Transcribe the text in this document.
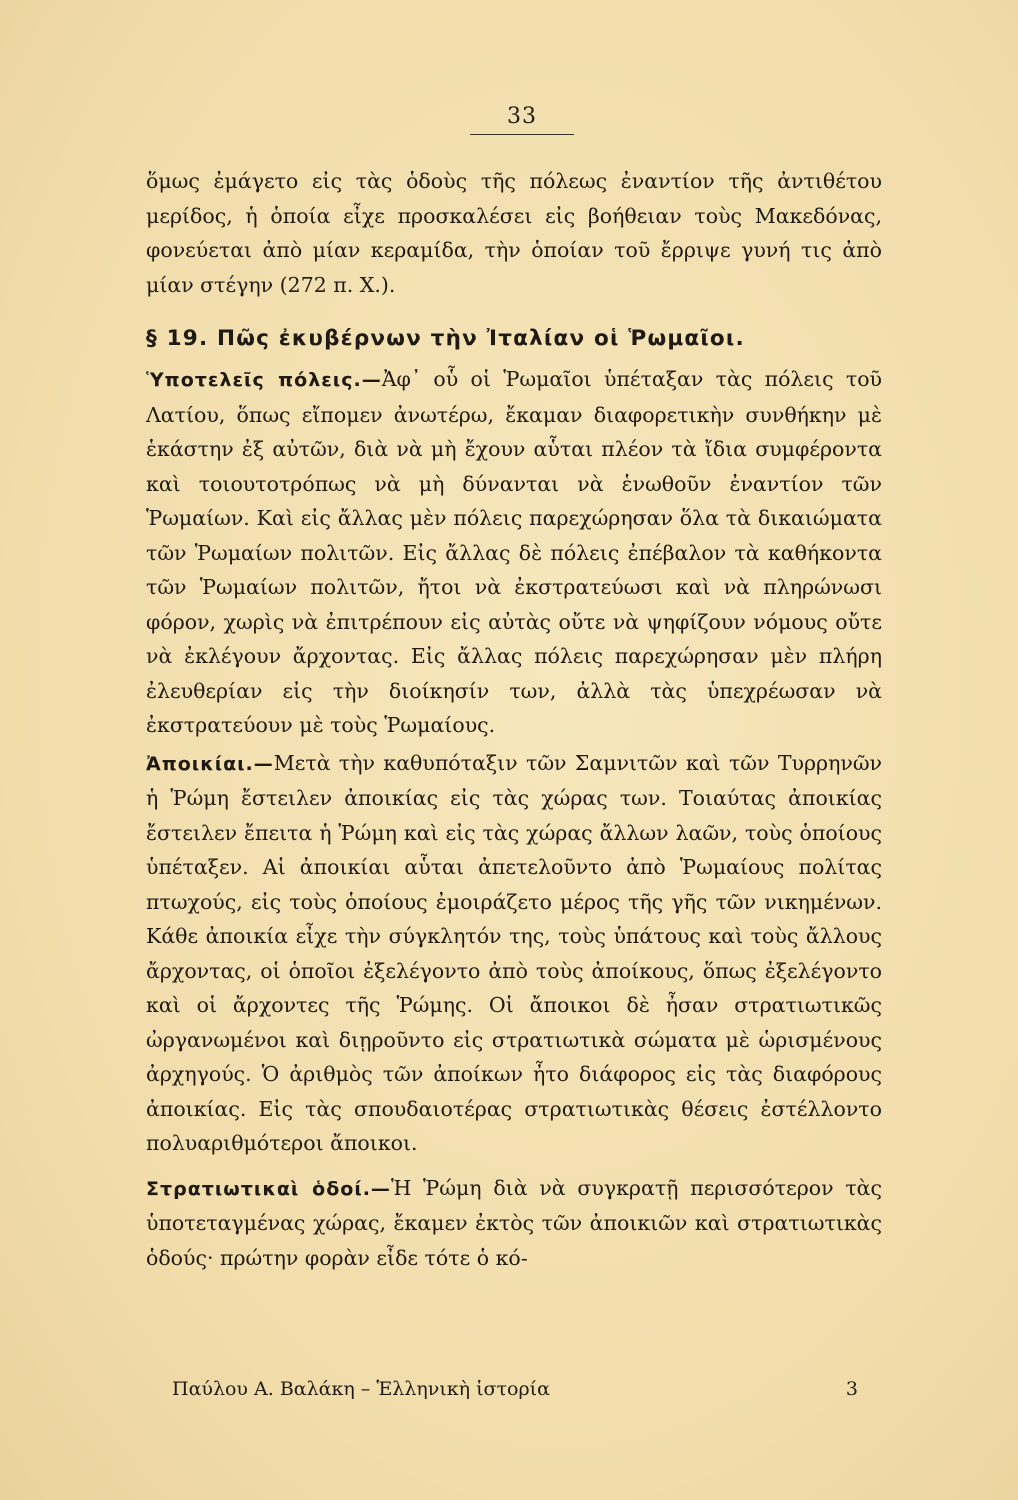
33

ὅμως ἐμάγετο εἰς τὰς ὁδοὺς τῆς πόλεως ἐναντίον τῆς ἀντιθέτου μερίδος, ἡ ὁποία εἶχε προσκαλέσει εἰς βοήθειαν τοὺς Μακεδόνας, φονεύεται ἀπὸ μίαν κεραμίδα, τὴν ὁποίαν τοῦ ἔρριψε γυνή τις ἀπὸ μίαν στέγην (272 π. Χ.).

§ 19. Πῶς ἐκυβέρνων τὴν Ἰταλίαν οἱ Ῥωμαῖοι.

Ὑποτελεῖς πόλεις.—Ἀφ᾽ οὗ οἱ Ῥωμαῖοι ὑπέταξαν τὰς πόλεις τοῦ Λατίου, ὅπως εἴπομεν ἀνωτέρω, ἔκαμαν διαφορετικὴν συνθήκην μὲ ἑκάστην ἐξ αὐτῶν, διὰ νὰ μὴ ἔχουν αὗται πλέον τὰ ἴδια συμφέροντα καὶ τοιουτοτρόπως νὰ μὴ δύνανται νὰ ἑνωθοῦν ἐναντίον τῶν Ῥωμαίων. Καὶ εἰς ἄλλας μὲν πόλεις παρεχώρησαν ὅλα τὰ δικαιώματα τῶν Ῥωμαίων πολιτῶν. Εἰς ἄλλας δὲ πόλεις ἐπέβαλον τὰ καθήκοντα τῶν Ῥωμαίων πολιτῶν, ἤτοι νὰ ἐκστρατεύωσι καὶ νὰ πληρώνωσι φόρον, χωρὶς νὰ ἐπιτρέπουν εἰς αὐτὰς οὔτε νὰ ψηφίζουν νόμους οὔτε νὰ ἐκλέγουν ἄρχοντας. Εἰς ἄλλας πόλεις παρεχώρησαν μὲν πλήρη ἐλευθερίαν εἰς τὴν διοίκησίν των, ἀλλὰ τὰς ὑπεχρέωσαν νὰ ἐκστρατεύουν μὲ τοὺς Ῥωμαίους.

Ἀποικίαι.—Μετὰ τὴν καθυπόταξιν τῶν Σαμνιτῶν καὶ τῶν Τυρρηνῶν ἡ Ῥώμη ἔστειλεν ἀποικίας εἰς τὰς χώρας των. Τοιαύτας ἀποικίας ἔστειλεν ἔπειτα ἡ Ῥώμη καὶ εἰς τὰς χώρας ἄλλων λαῶν, τοὺς ὁποίους ὑπέταξεν. Αἱ ἀποικίαι αὗται ἀπετελοῦντο ἀπὸ Ῥωμαίους πολίτας πτωχούς, εἰς τοὺς ὁποίους ἐμοιράζετο μέρος τῆς γῆς τῶν νικημένων. Κάθε ἀποικία εἶχε τὴν σύγκλητόν της, τοὺς ὑπάτους καὶ τοὺς ἄλλους ἄρχοντας, οἱ ὁποῖοι ἐξελέγοντο ἀπὸ τοὺς ἀποίκους, ὅπως ἐξελέγοντο καὶ οἱ ἄρχοντες τῆς Ῥώμης. Οἱ ἄποικοι δὲ ἦσαν στρατιωτικῶς ὠργανωμένοι καὶ διῃροῦντο εἰς στρατιωτικὰ σώματα μὲ ὡρισμένους ἀρχηγούς. Ὁ ἀριθμὸς τῶν ἀποίκων ἦτο διάφορος εἰς τὰς διαφόρους ἀποικίας. Εἰς τὰς σπουδαιοτέρας στρατιωτικὰς θέσεις ἐστέλλοντο πολυαριθμότεροι ἄποικοι.

Στρατιωτικαὶ ὁδοί.—Ἡ Ῥώμη διὰ νὰ συγκρατῇ περισσότερον τὰς ὑποτεταγμένας χώρας, ἔκαμεν ἐκτὸς τῶν ἀποικιῶν καὶ στρατιωτικὰς ὁδούς· πρώτην φορὰν εἶδε τότε ὁ κό-

Παύλου Α. Βαλάκη – Ἑλληνικὴ ἱστορία	3
